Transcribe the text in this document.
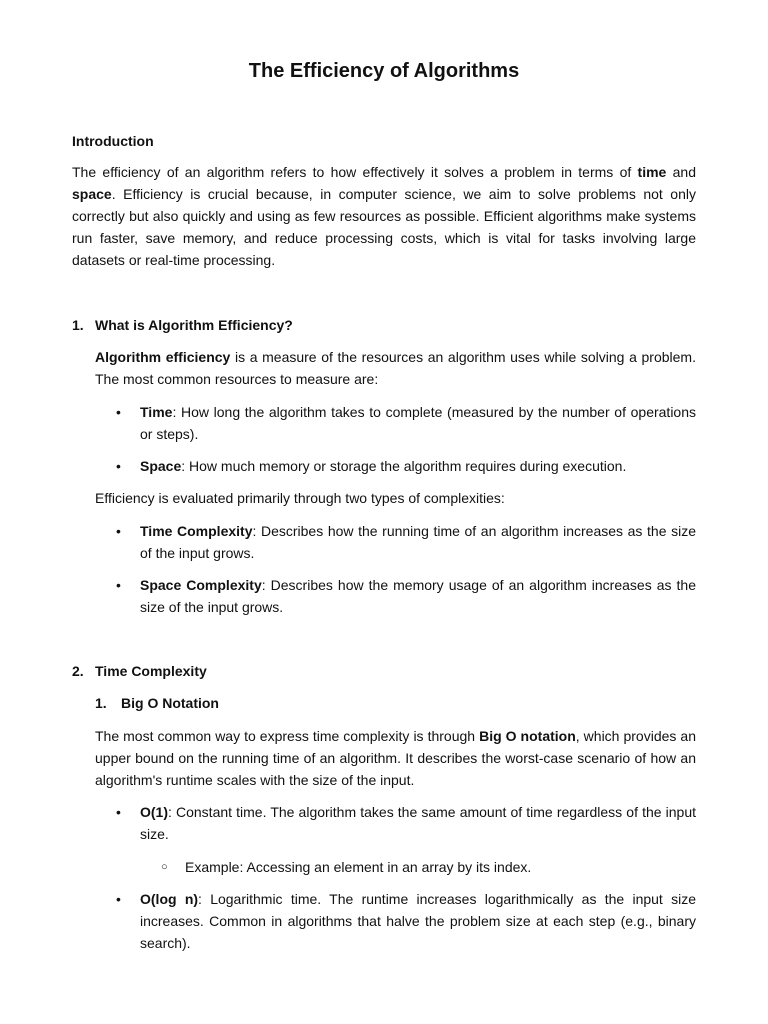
The Efficiency of Algorithms
Introduction

The efficiency of an algorithm refers to how effectively it solves a problem in terms of time and space. Efficiency is crucial because, in computer science, we aim to solve problems not only correctly but also quickly and using as few resources as possible. Efficient algorithms make systems run faster, save memory, and reduce processing costs, which is vital for tasks involving large datasets or real-time processing.

1. What is Algorithm Efficiency?

Algorithm efficiency is a measure of the resources an algorithm uses while solving a problem. The most common resources to measure are:

• Time: How long the algorithm takes to complete (measured by the number of operations or steps).

• Space: How much memory or storage the algorithm requires during execution.

Efficiency is evaluated primarily through two types of complexities:

• Time Complexity: Describes how the running time of an algorithm increases as the size of the input grows.

• Space Complexity: Describes how the memory usage of an algorithm increases as the size of the input grows.

2. Time Complexity
1. Big O Notation

The most common way to express time complexity is through Big O notation, which provides an upper bound on the running time of an algorithm. It describes the worst-case scenario of how an algorithm's runtime scales with the size of the input.

• O(1): Constant time. The algorithm takes the same amount of time regardless of the input size.

○ Example: Accessing an element in an array by its index.

• O(log n): Logarithmic time. The runtime increases logarithmically as the input size increases. Common in algorithms that halve the problem size at each step (e.g., binary search).
